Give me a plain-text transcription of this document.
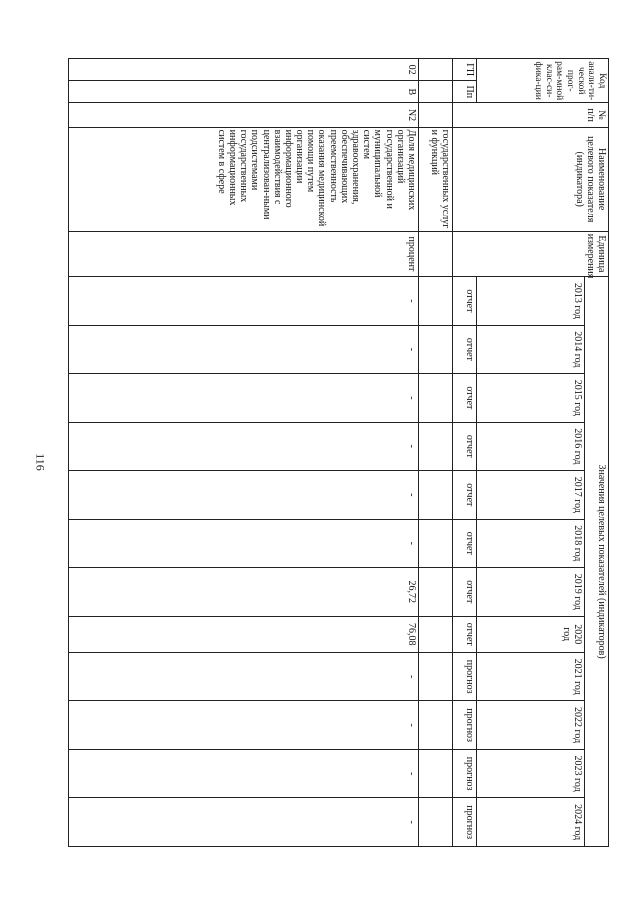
116
Код анали-ти-ческой прог-рам-мной клас-си-фика-ции		№ п/п	Наименование целевого показателя (индикатора)	Единица измерения	Значения целевых показателей (индикаторов)											
					2013 год	2014 год	2015 год	2016 год	2017 год	2018 год	2019 год	2020 год	2021 год	2022 год	2023 год	2024 год
ГП	Пп				отчет	отчет	отчет	отчет	отчет	отчет	отчет	отчет	прогноз	прогноз	прогноз	прогноз
			государственных услуг и функций													
02	В	N2	Доля медицинских организаций государственной и муниципальной систем здравоохранения, обеспечивающих преемственность оказания медицинской помощи путем организации информационного взаимодействия с централизован-ными подсистемами государственных информационных систем в сфере	процент	-	-	-	-	-	-	26,72	76,08	-	-	-	-
